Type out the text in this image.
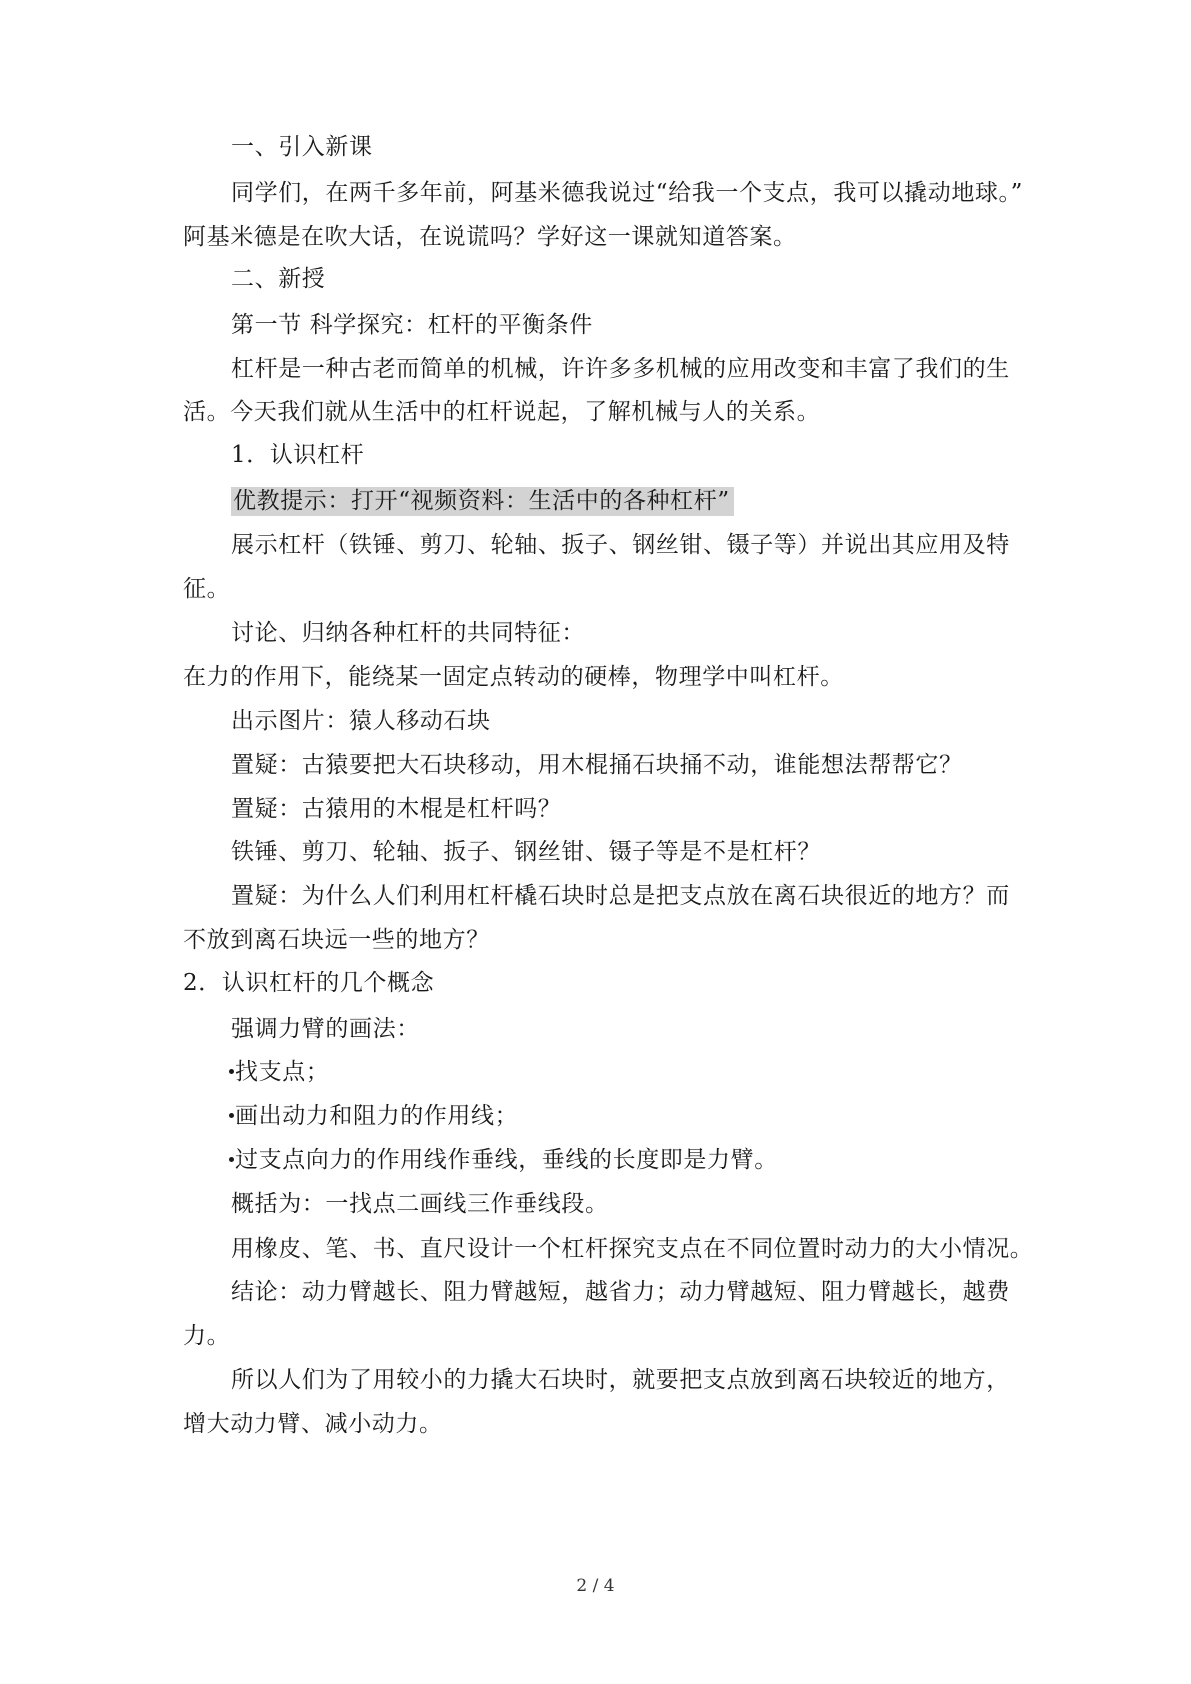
一、引入新课
同学们，在两千多年前，阿基米德我说过“给我一个支点，我可以撬动地球。”
阿基米德是在吹大话，在说谎吗？学好这一课就知道答案。
二、新授
第一节 科学探究：杠杆的平衡条件
杠杆是一种古老而简单的机械，许许多多机械的应用改变和丰富了我们的生
活。今天我们就从生活中的杠杆说起，了解机械与人的关系。
1．认识杠杆
优教提示：打开“视频资料：生活中的各种杠杆”
展示杠杆（铁锤、剪刀、轮轴、扳子、钢丝钳、镊子等）并说出其应用及特
征。
讨论、归纳各种杠杆的共同特征：
在力的作用下，能绕某一固定点转动的硬棒，物理学中叫杠杆。
出示图片：猿人移动石块
置疑：古猿要把大石块移动，用木棍捅石块捅不动，谁能想法帮帮它？
置疑：古猿用的木棍是杠杆吗？
铁锤、剪刀、轮轴、扳子、钢丝钳、镊子等是不是杠杆？
置疑：为什么人们利用杠杆橇石块时总是把支点放在离石块很近的地方？而
不放到离石块远一些的地方？
2．认识杠杆的几个概念
强调力臂的画法：
找支点；
画出动力和阻力的作用线；
过支点向力的作用线作垂线，垂线的长度即是力臂。
概括为：一找点二画线三作垂线段。
用橡皮、笔、书、直尺设计一个杠杆探究支点在不同位置时动力的大小情况。
结论：动力臂越长、阻力臂越短，越省力；动力臂越短、阻力臂越长，越费
力。
所以人们为了用较小的力撬大石块时，就要把支点放到离石块较近的地方，
增大动力臂、减小动力。
2 / 4
